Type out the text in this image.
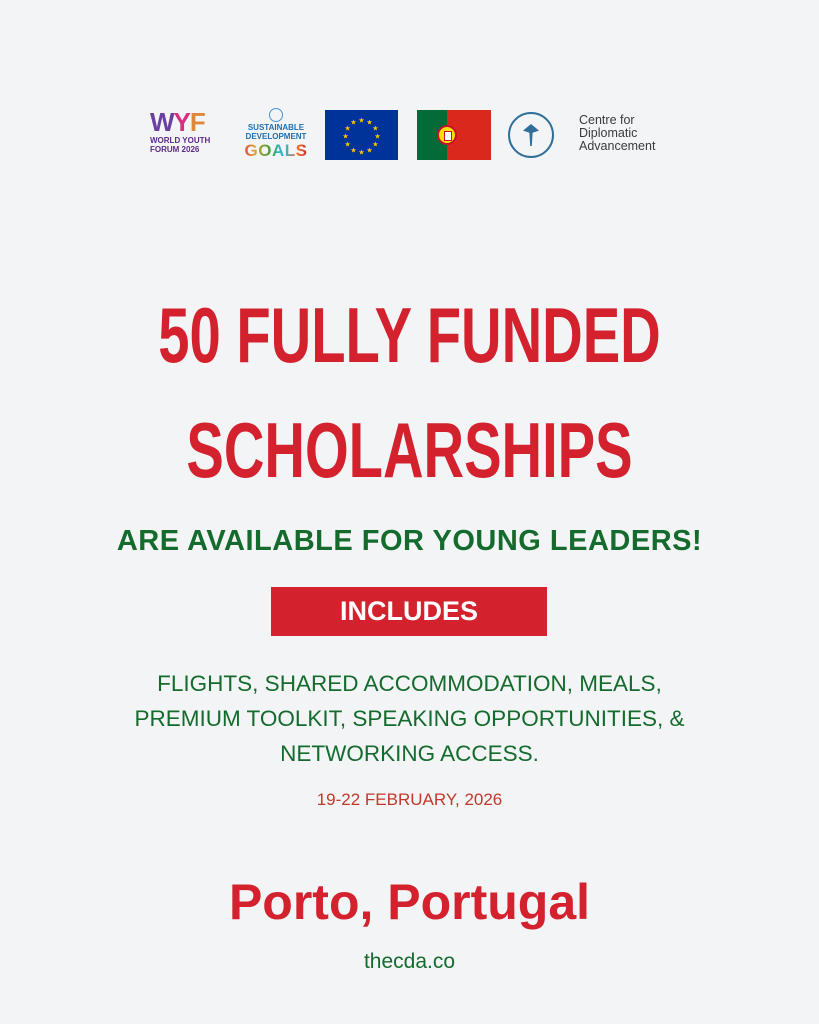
WYF
WORLD YOUTH
FORUM 2026
SUSTAINABLE
DEVELOPMENT
GOALS
★ ★
★
★
★
★
★
★
★
★
★
★	Centre for
Diplomatic
Advancement
50 FULLY FUNDED
SCHOLARSHIPS
ARE AVAILABLE FOR YOUNG LEADERS!
INCLUDES
FLIGHTS, SHARED ACCOMMODATION, MEALS,
PREMIUM TOOLKIT, SPEAKING OPPORTUNITIES, &
NETWORKING ACCESS.
19-22 FEBRUARY, 2026
Porto, Portugal
thecda.co
